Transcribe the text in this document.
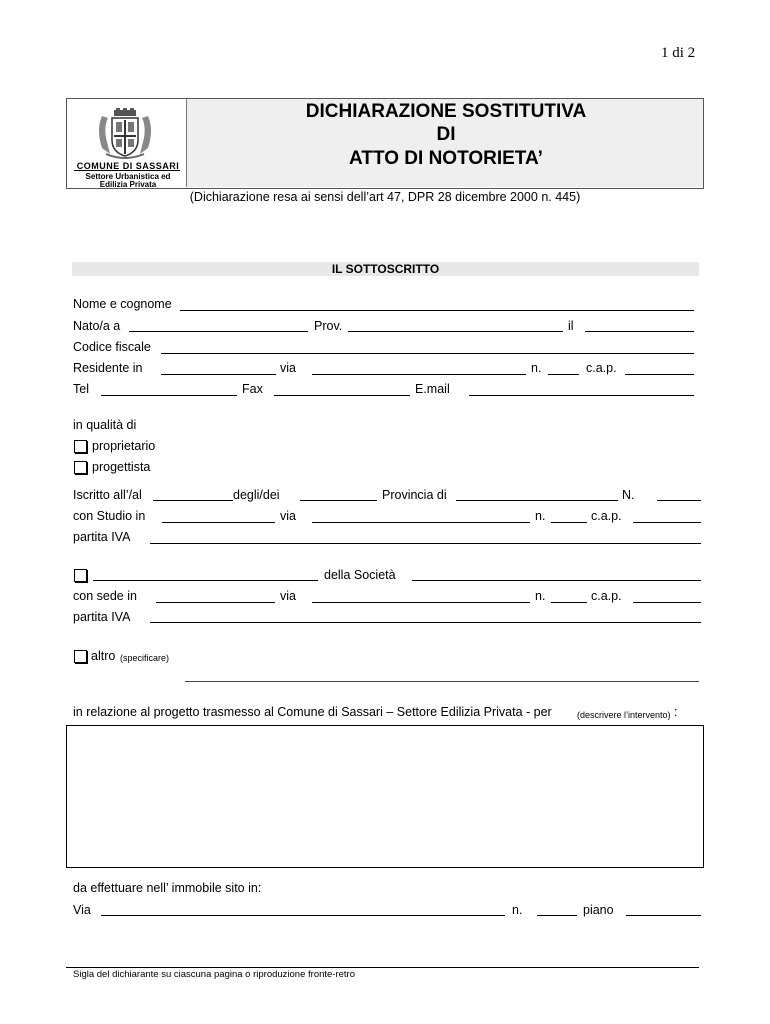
1 di 2
COMUNE DI SASSARI
Settore Urbanistica ed
Edilizia Privata
DICHIARAZIONE SOSTITUTIVA
DI
ATTO DI NOTORIETA’
(Dichiarazione resa ai sensi dell’art 47, DPR 28 dicembre 2000 n. 445)
IL SOTTOSCRITTO
Nome e cognome
Nato/a a	Prov.	il
Codice fiscale
Residente in	via	n.	c.a.p.
Tel	Fax	E.mail
in qualità di
proprietario
progettista
Iscritto all’/al	degli/dei	Provincia di	N.
con Studio in	via	n.	c.a.p.
partita IVA
della Società
con sede in	via	n.	c.a.p.
partita IVA
altro (specificare)
in relazione al progetto trasmesso al Comune di Sassari – Settore Edilizia Privata - per	(descrivere l’intervento) :
da effettuare nell’ immobile sito in:
Via	n.	piano
Sigla del dichiarante su ciascuna pagina o riproduzione fronte-retro
